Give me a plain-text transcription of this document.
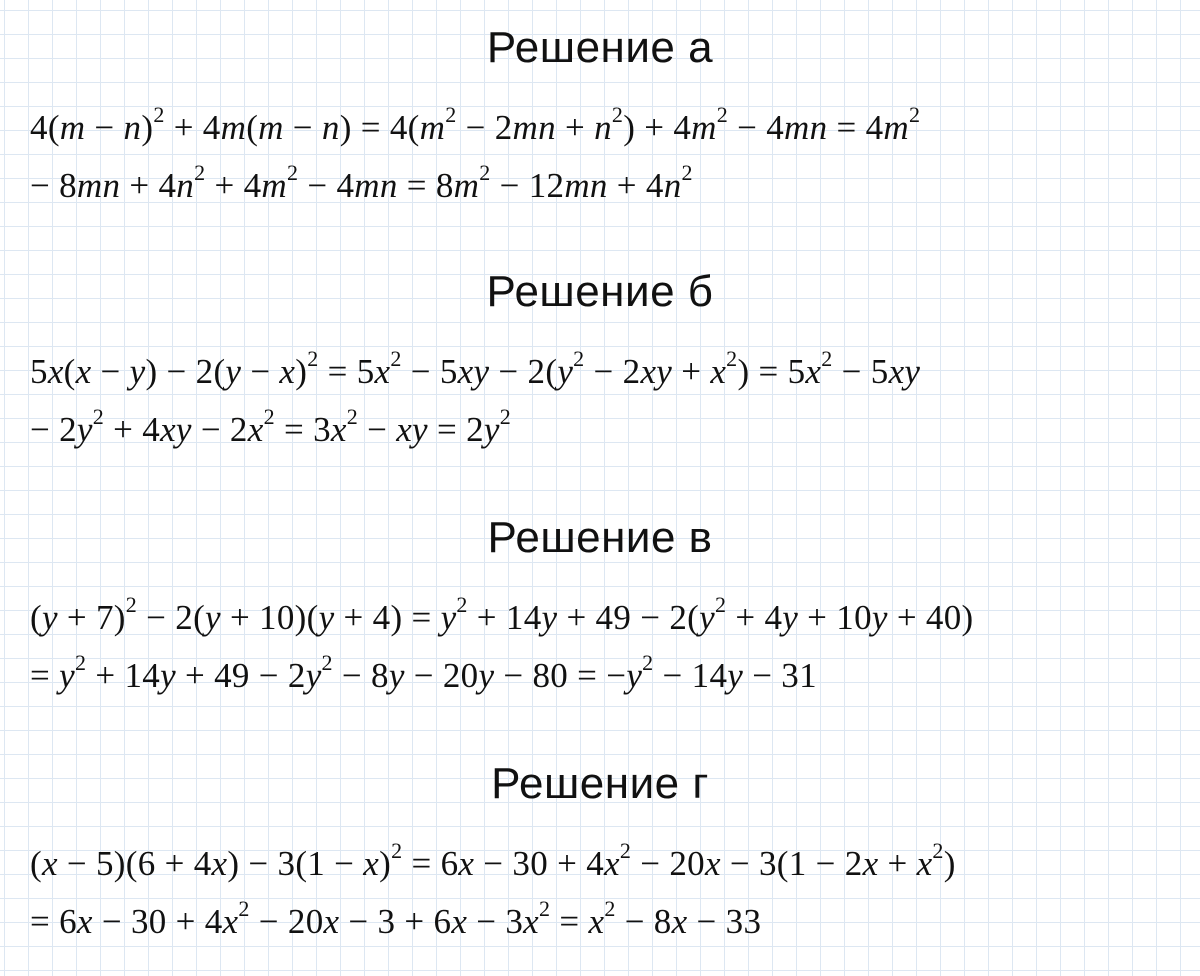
Решение а
$4(m - n)^2 + 4m(m - n) = 4(m^2 - 2mn + n^2) + 4m^2 - 4mn = 4m^2$
− $8mn + 4n^2 + 4m^2 - 4mn = 8m^2 - 12mn + 4n^2$
Решение б
$5x(x - y) - 2(y - x)^2 = 5x^2 - 5xy - 2(y^2 - 2xy + x^2) = 5x^2 - 5xy$
− $2y^2 + 4xy - 2x^2 = 3x^2$ − xy = $2y^2$
Решение в
$(y + 7)^2 - 2(y + 10)(y + 4) = y^2 + 14y + 49 - 2(y^2 + 4y + 10y + 40)$
= $y^2 + 14y + 49 - 2y^2 - 8y - 20y - 80 = -y^2 - 14y - 31$
Решение г
$(x - 5)(6 + 4x) - 3(1 - x)^2 = 6x - 30 + 4x^2 - 20x - 3(1 - 2x + x^2)$
= $6x - 30 + 4x^2 - 20x - 3 + 6x - 3x^2 = x^2 - 8x - 33$
